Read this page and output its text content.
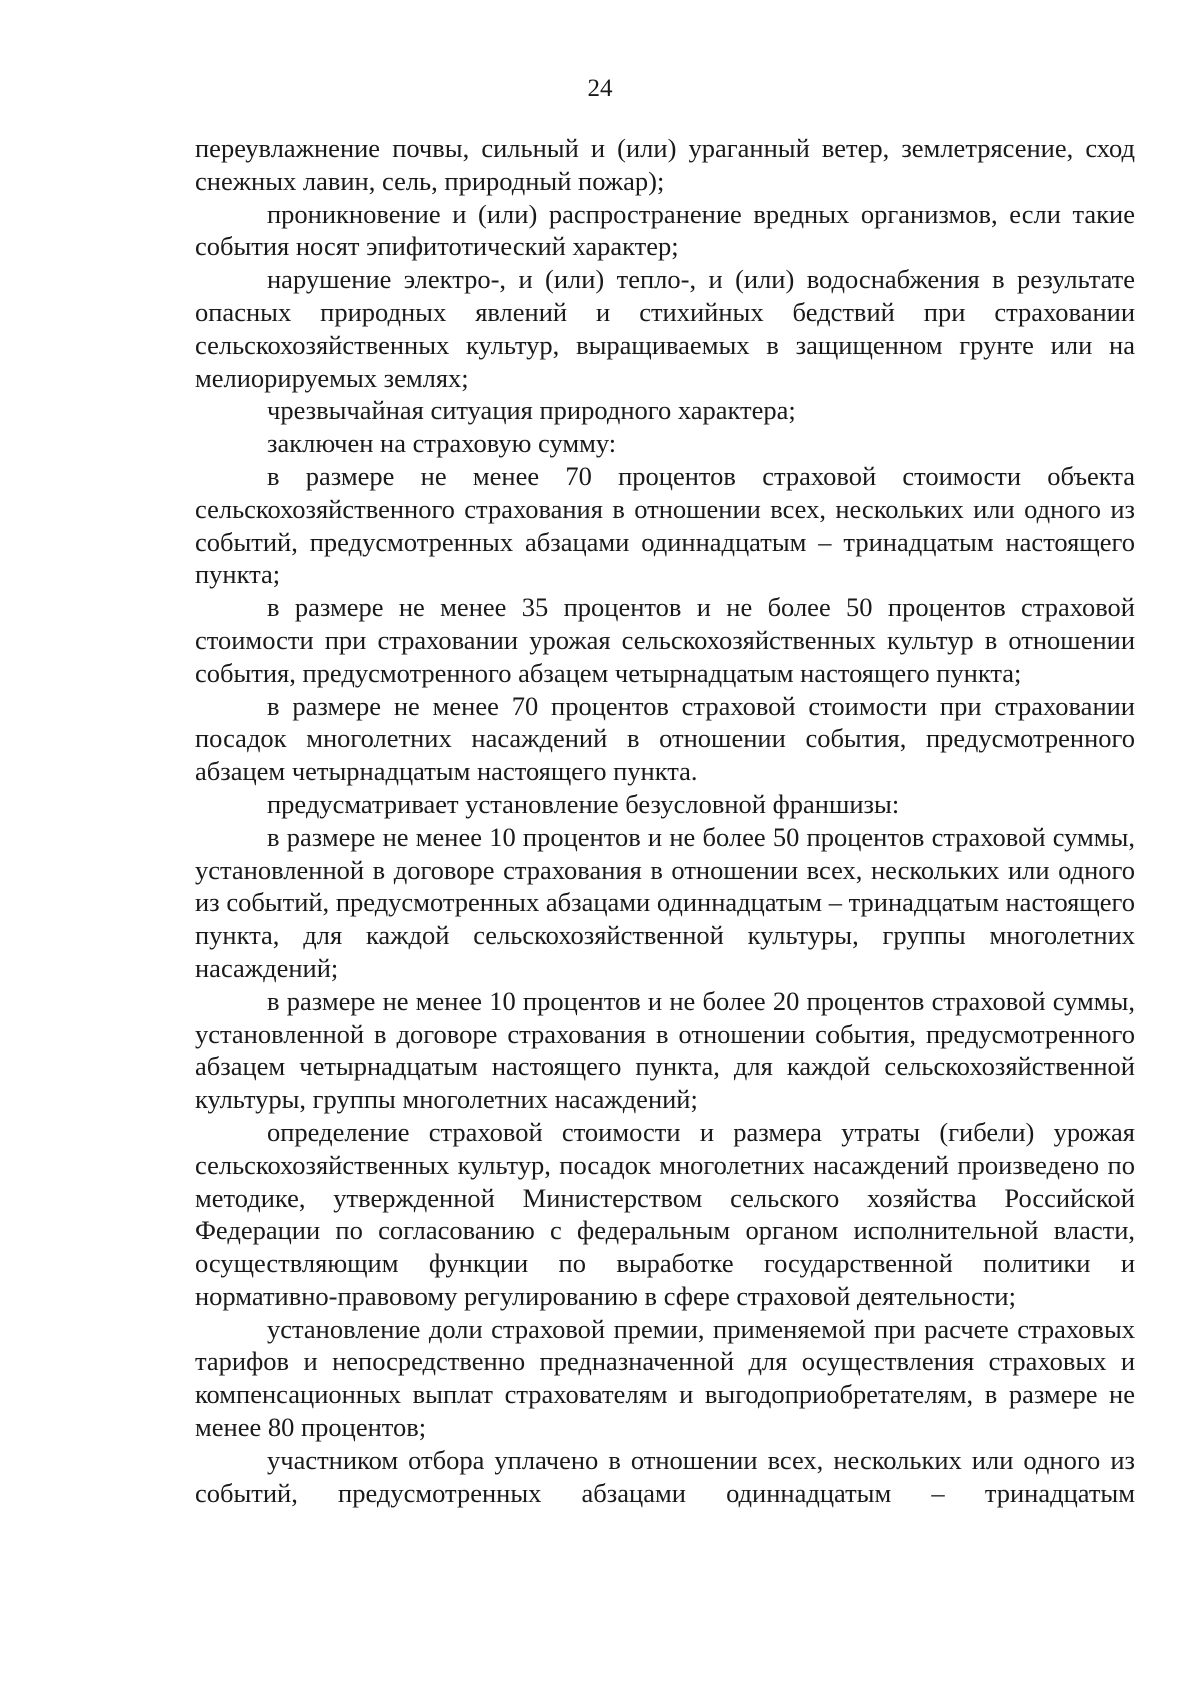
24

переувлажнение почвы, сильный и (или) ураганный ветер, землетрясение, сход снежных лавин, сель, природный пожар);

проникновение и (или) распространение вредных организмов, если такие события носят эпифитотический характер;

нарушение электро-, и (или) тепло-, и (или) водоснабжения в результате опасных природных явлений и стихийных бедствий при страховании сельскохозяйственных культур, выращиваемых в защищенном грунте или на мелиорируемых землях;

чрезвычайная ситуация природного характера;

заключен на страховую сумму:

в размере не менее 70 процентов страховой стоимости объекта сельскохозяйственного страхования в отношении всех, нескольких или одного из событий, предусмотренных абзацами одиннадцатым – тринадцатым настоящего пункта;

в размере не менее 35 процентов и не более 50 процентов страховой стоимости при страховании урожая сельскохозяйственных культур в отношении события, предусмотренного абзацем четырнадцатым настоящего пункта;

в размере не менее 70 процентов страховой стоимости при страховании посадок многолетних насаждений в отношении события, предусмотренного абзацем четырнадцатым настоящего пункта.

предусматривает установление безусловной франшизы:

в размере не менее 10 процентов и не более 50 процентов страховой суммы, установленной в договоре страхования в отношении всех, нескольких или одного из событий, предусмотренных абзацами одиннадцатым – тринадцатым настоящего пункта, для каждой сельскохозяйственной культуры, группы многолетних насаждений;

в размере не менее 10 процентов и не более 20 процентов страховой суммы, установленной в договоре страхования в отношении события, предусмотренного абзацем четырнадцатым настоящего пункта, для каждой сельскохозяйственной культуры, группы многолетних насаждений;

определение страховой стоимости и размера утраты (гибели) урожая сельскохозяйственных культур, посадок многолетних насаждений произведено по методике, утвержденной Министерством сельского хозяйства Российской Федерации по согласованию с федеральным органом исполнительной власти, осуществляющим функции по выработке государственной политики и нормативно-правовому регулированию в сфере страховой деятельности;

установление доли страховой премии, применяемой при расчете страховых тарифов и непосредственно предназначенной для осуществления страховых и компенсационных выплат страхователям и выгодоприобретателям, в размере не менее 80 процентов;

участником отбора уплачено в отношении всех, нескольких или одного из событий, предусмотренных абзацами одиннадцатым – тринадцатым
